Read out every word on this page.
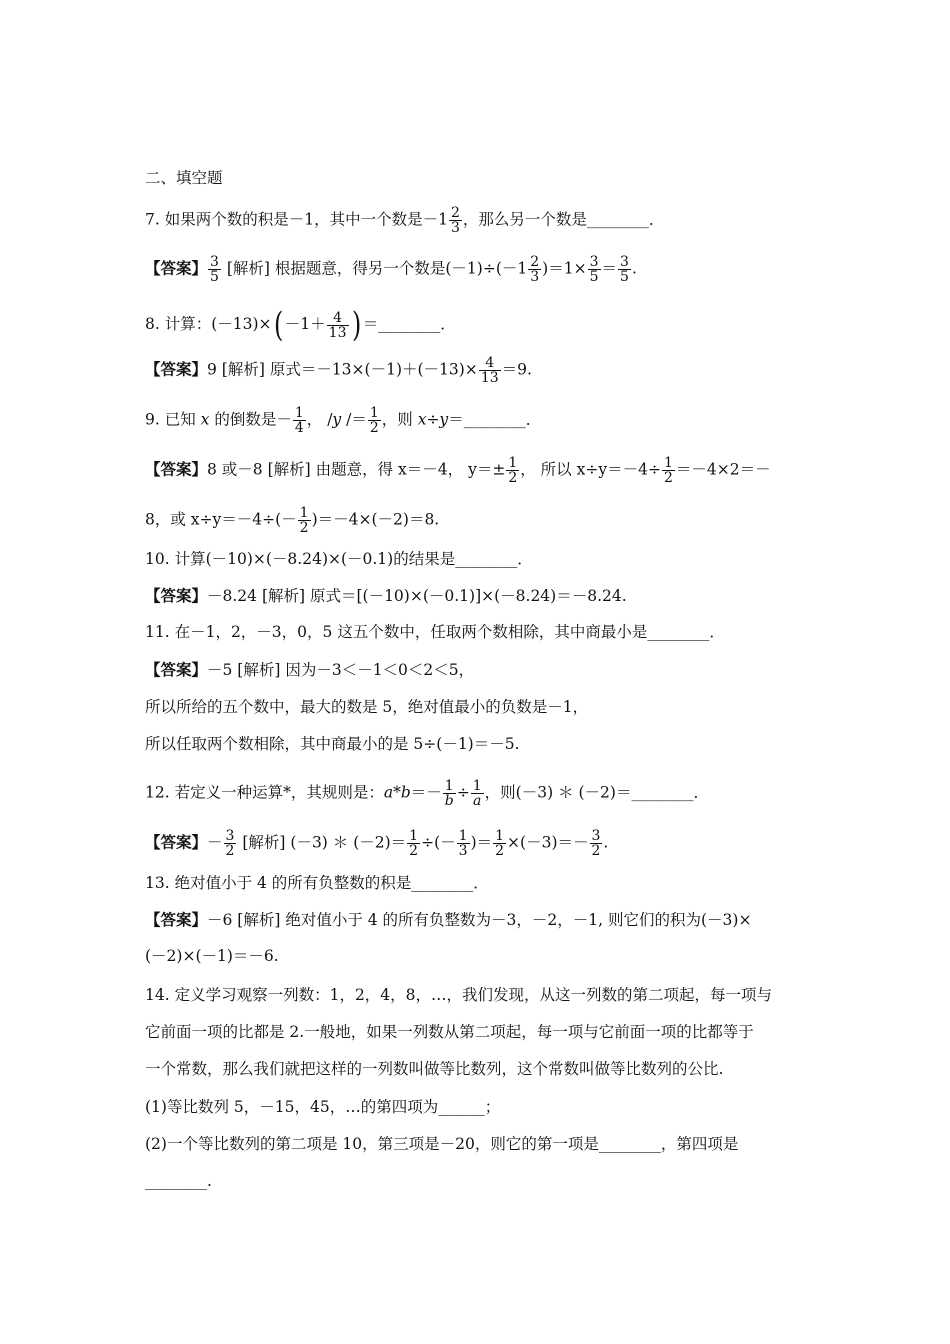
二、填空题
7. 如果两个数的积是－1，其中一个数是$-1 \frac{2}{3}$ ，那么另一个数是________．
【答案】 $\frac{3}{5}$ [解析] 根据题意，得另一个数是$(-1)\div(-1 \frac{2}{3} )=1\times \frac{3}{5} = \frac{3}{5}$ .
8. 计算：$(-13)\times( -1+ \frac{4}{13}$ ) ＝________．
【答案】9 [解析] 原式$=-13\times(-1)+(-13)\times \frac{4}{13} =9$.
9. 已知 x 的倒数是－ $\frac{1}{4}$ ， $/y /= \frac{1}{2}$ ，则 x÷y＝________．
【答案】8 或－8 [解析] 由题意，得 x＝－4， $y=\pm \frac{1}{2}$ ， 所以 $x\div y=-4\div \frac{1}{2} =-4\times 2=-$
8，或 $x\div y=-4\div(- \frac{1}{2} )=-4\times(-2)=8$.
10. 计算(－10)×(－8.24)×(－0.1)的结果是________．
【答案】－8.24 [解析] 原式＝[(－10)×(－0.1)]×(－8.24)＝－8.24.
11. 在－1，2，－3，0，5 这五个数中，任取两个数相除，其中商最小是________．
【答案】－5 [解析] 因为－3＜－1＜0＜2＜5，
所以所给的五个数中，最大的数是 5，绝对值最小的负数是－1，
所以任取两个数相除，其中商最小的是 5÷(－1)＝－5.
12. 若定义一种运算*，其规则是：$a*b=- \frac{1}{b} \div \frac{1}{a}$ ，则(－3) ＊ (－2)＝________．
【答案】－ $\frac{3}{2}$ [解析] (－3) ＊ $(-2)= \frac{1}{2}$ ÷(－ $\frac{1}{3}$ )＝ $\frac{1}{2} \times(-3)=- \frac{3}{2}$ .
13. 绝对值小于 4 的所有负整数的积是________．
【答案】－6 [解析] 绝对值小于 4 的所有负整数为－3，－2，－1, 则它们的积为(－3)×
(－2)×(－1)＝－6.
14. 定义学习观察一列数：1，2，4，8，…，我们发现，从这一列数的第二项起，每一项与
它前面一项的比都是 2.一般地，如果一列数从第二项起，每一项与它前面一项的比都等于
一个常数，那么我们就把这样的一列数叫做等比数列，这个常数叫做等比数列的公比.
(1)等比数列 5，－15，45，…的第四项为______；
(2)一个等比数列的第二项是 10，第三项是－20，则它的第一项是________，第四项是
________.
